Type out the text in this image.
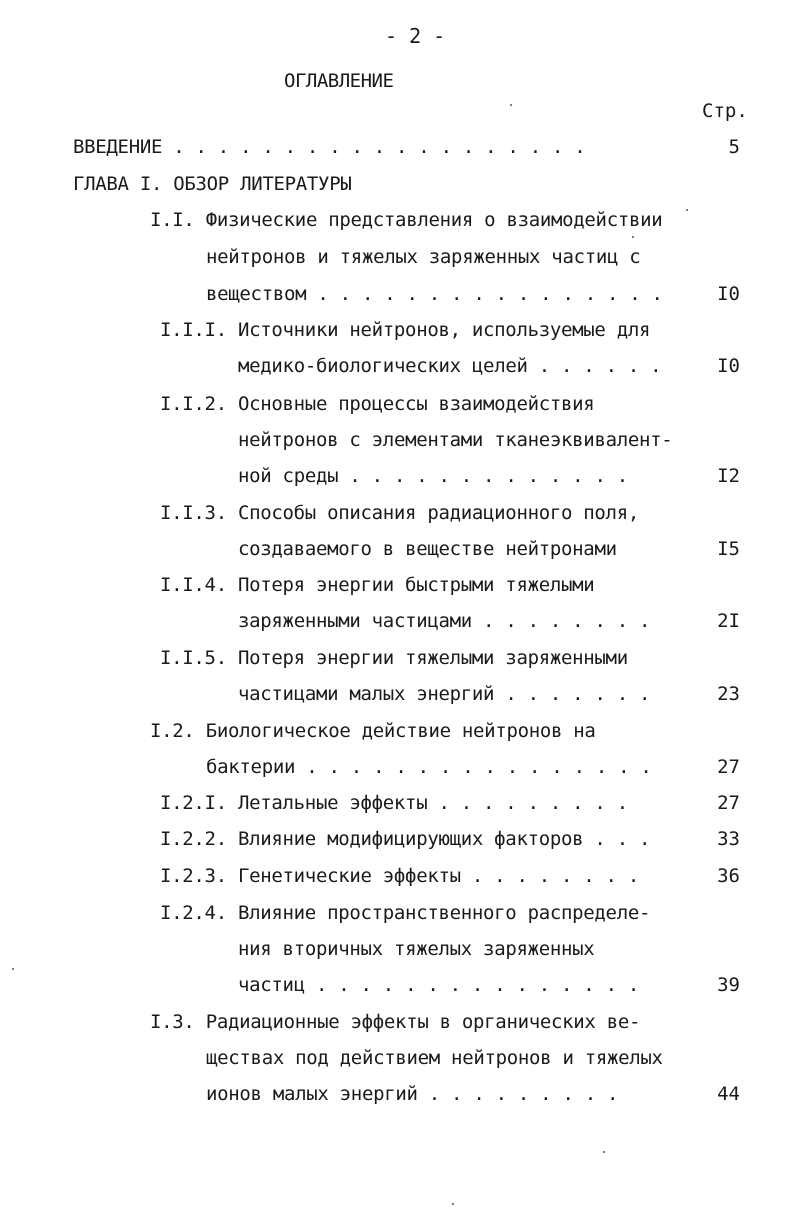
- 2 -
ОГЛАВЛЕНИЕ
Стр.
ВВЕДЕНИЕ . . . . . . . . . . . . . . . . . . .	5
ГЛАВА I. ОБЗОР ЛИТЕРАТУРЫ
I.I. Физические представления о взаимодействии
нейтронов и тяжелых заряженных частиц с
веществом . . . . . . . . . . . . . . . .	I0
I.I.I. Источники нейтронов, используемые для
медико-биологических целей . . . . . .	I0
I.I.2. Основные процессы взаимодействия
нейтронов с элементами тканеэквивалент-
ной среды . . . . . . . . . . . . .	I2
I.I.3. Способы описания радиационного поля,
создаваемого в веществе нейтронами	I5
I.I.4. Потеря энергии быстрыми тяжелыми
заряженными частицами . . . . . . . .	2I
I.I.5. Потеря энергии тяжелыми заряженными
частицами малых энергий . . . . . . .	23
I.2. Биологическое действие нейтронов на
бактерии . . . . . . . . . . . . . . . .	27
I.2.I. Летальные эффекты . . . . . . . . .	27
I.2.2. Влияние модифицирующих факторов . . .	33
I.2.3. Генетические эффекты . . . . . . . .	36
I.2.4. Влияние пространственного распределе-
ния вторичных тяжелых заряженных
частиц . . . . . . . . . . . . . . .	39
I.3. Радиационные эффекты в органических ве-
ществах под действием нейтронов и тяжелых
ионов малых энергий . . . . . . . . .	44
